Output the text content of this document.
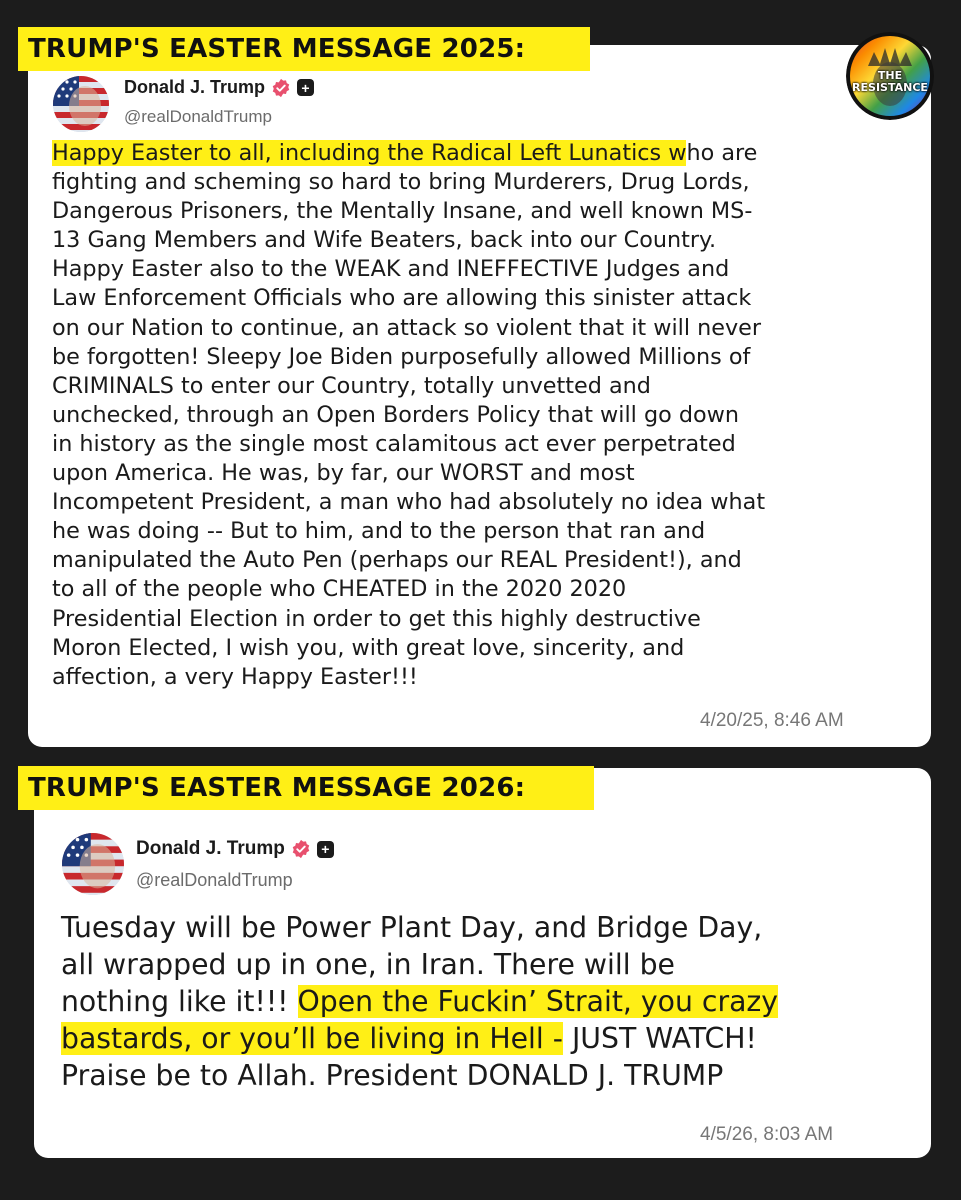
TRUMP'S EASTER MESSAGE 2025:
Donald J. Trump	+
@realDonaldTrump
Happy Easter to all, including the Radical Left Lunatics who are
fighting and scheming so hard to bring Murderers, Drug Lords,
Dangerous Prisoners, the Mentally Insane, and well known MS-
13 Gang Members and Wife Beaters, back into our Country.
Happy Easter also to the WEAK and INEFFECTIVE Judges and
Law Enforcement Officials who are allowing this sinister attack
on our Nation to continue, an attack so violent that it will never
be forgotten! Sleepy Joe Biden purposefully allowed Millions of
CRIMINALS to enter our Country, totally unvetted and
unchecked, through an Open Borders Policy that will go down
in history as the single most calamitous act ever perpetrated
upon America. He was, by far, our WORST and most
Incompetent President, a man who had absolutely no idea what
he was doing -- But to him, and to the person that ran and
manipulated the Auto Pen (perhaps our REAL President!), and
to all of the people who CHEATED in the 2020 2020
Presidential Election in order to get this highly destructive
Moron Elected, I wish you, with great love, sincerity, and
affection, a very Happy Easter!!!
4/20/25, 8:46 AM
THE
RESISTANCE
TRUMP'S EASTER MESSAGE 2026:
Donald J. Trump	+
@realDonaldTrump
Tuesday will be Power Plant Day, and Bridge Day,
all wrapped up in one, in Iran. There will be
nothing like it!!! Open the Fuckin’ Strait, you crazy
bastards, or you’ll be living in Hell - JUST WATCH!
Praise be to Allah. President DONALD J. TRUMP
4/5/26, 8:03 AM
